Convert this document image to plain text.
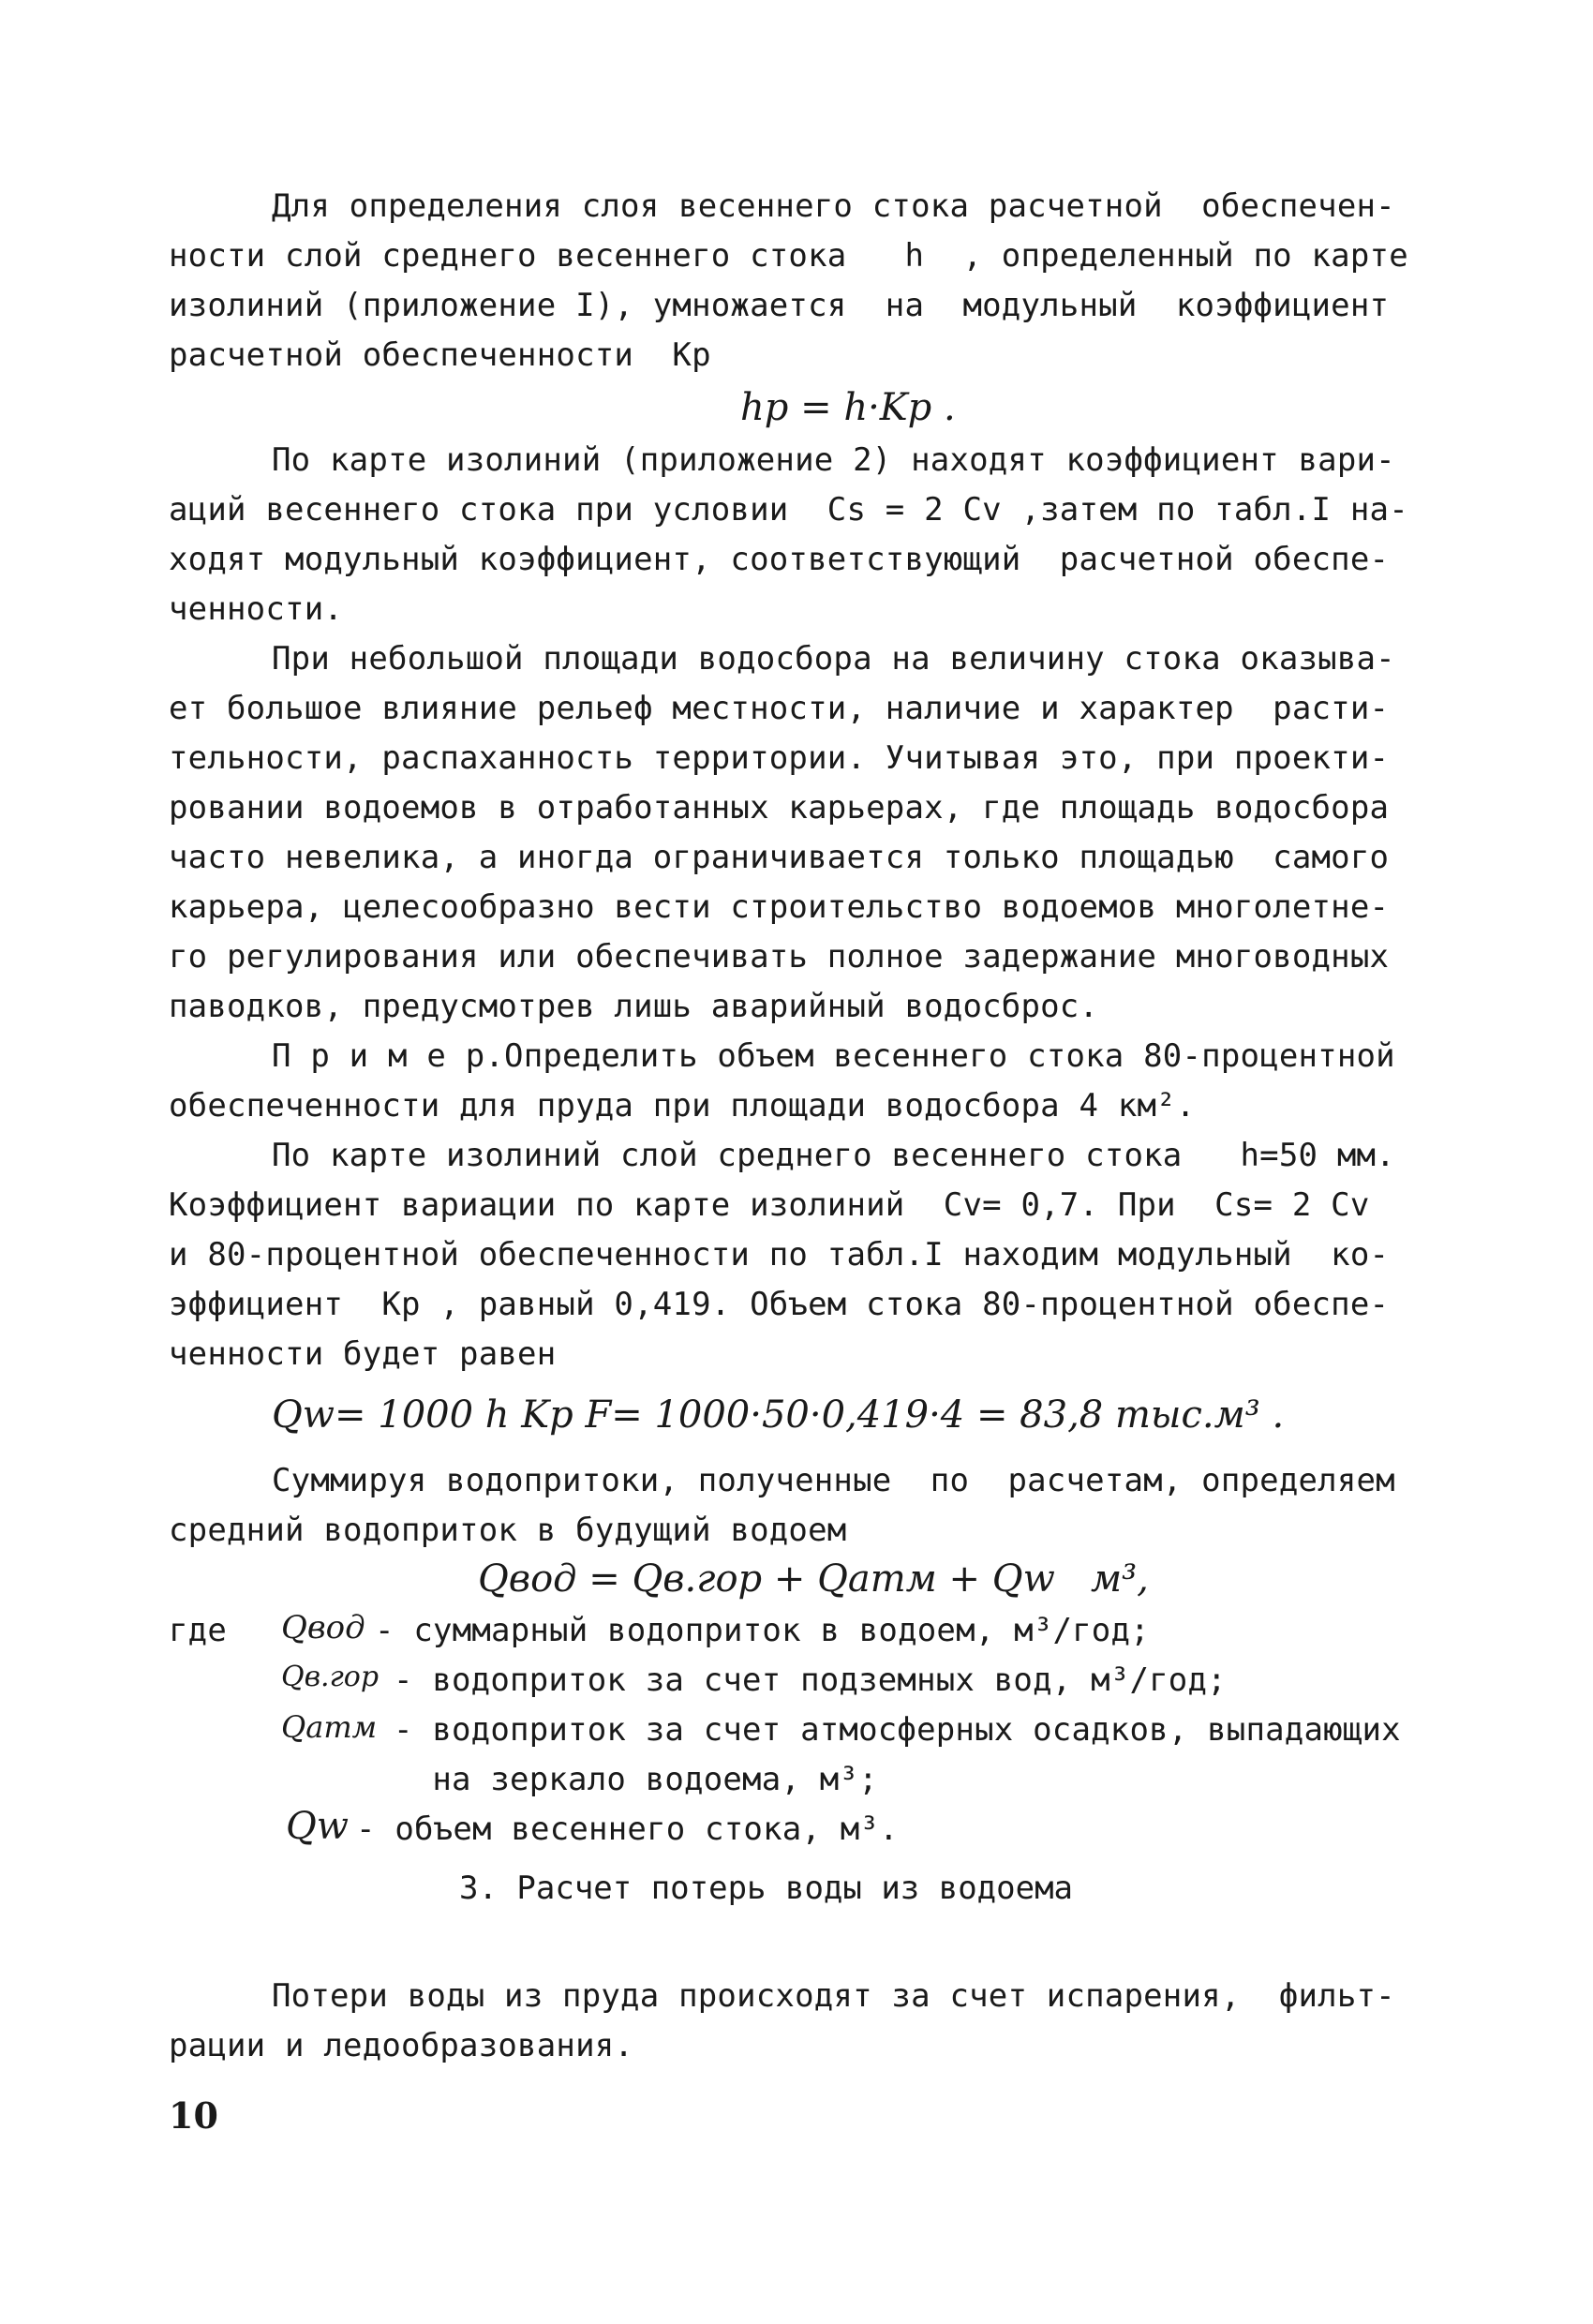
Для определения слоя весеннего стока расчетной  обеспечен-
ности слой среднего весеннего стока   h  , определенный по карте
изолиний (приложение I), умножается  на  модульный  коэффициент
расчетной обеспеченности  Kp
hp = h·Kp .
По карте изолиний (приложение 2) находят коэффициент вари-
аций весеннего стока при условии  Cs = 2 Cv ,затем по табл.I на-
ходят модульный коэффициент, соответствующий  расчетной обеспе-
ченности.
При небольшой площади водосбора на величину стока оказыва-
ет большое влияние рельеф местности, наличие и характер  расти-
тельности, распаханность территории. Учитывая это, при проекти-
ровании водоемов в отработанных карьерах, где площадь водосбора
часто невелика, а иногда ограничивается только площадью  самого
карьера, целесообразно вести строительство водоемов многолетне-
го регулирования или обеспечивать полное задержание многоводных
паводков, предусмотрев лишь аварийный водосброс.
П р и м е р.Определить объем весеннего стока 80-процентной
обеспеченности для пруда при площади водосбора 4 км².
По карте изолиний слой среднего весеннего стока   h=50 мм.
Коэффициент вариации по карте изолиний  Cv= 0,7. При  Cs= 2 Cv
и 80-процентной обеспеченности по табл.I находим модульный  ко-
эффициент  Kp , равный 0,419. Объем стока 80-процентной обеспе-
ченности будет равен
Qw= 1000 h Kp F= 1000·50·0,419·4 = 83,8 тыс.м³ .
Суммируя водопритоки, полученные  по  расчетам, определяем
средний водоприток в будущий водоем
Qвод = Qв.гор + Qатм + Qw   м³,
где Qвод - суммарный водоприток в водоем, м³/год;
Qв.гор - водоприток за счет подземных вод, м³/год;
Qатм - водоприток за счет атмосферных осадков, выпадающих
на зеркало водоема, м³;
Qw - объем весеннего стока, м³.
3. Расчет потерь воды из водоема
Потери воды из пруда происходят за счет испарения,  фильт-
рации и ледообразования.
10
